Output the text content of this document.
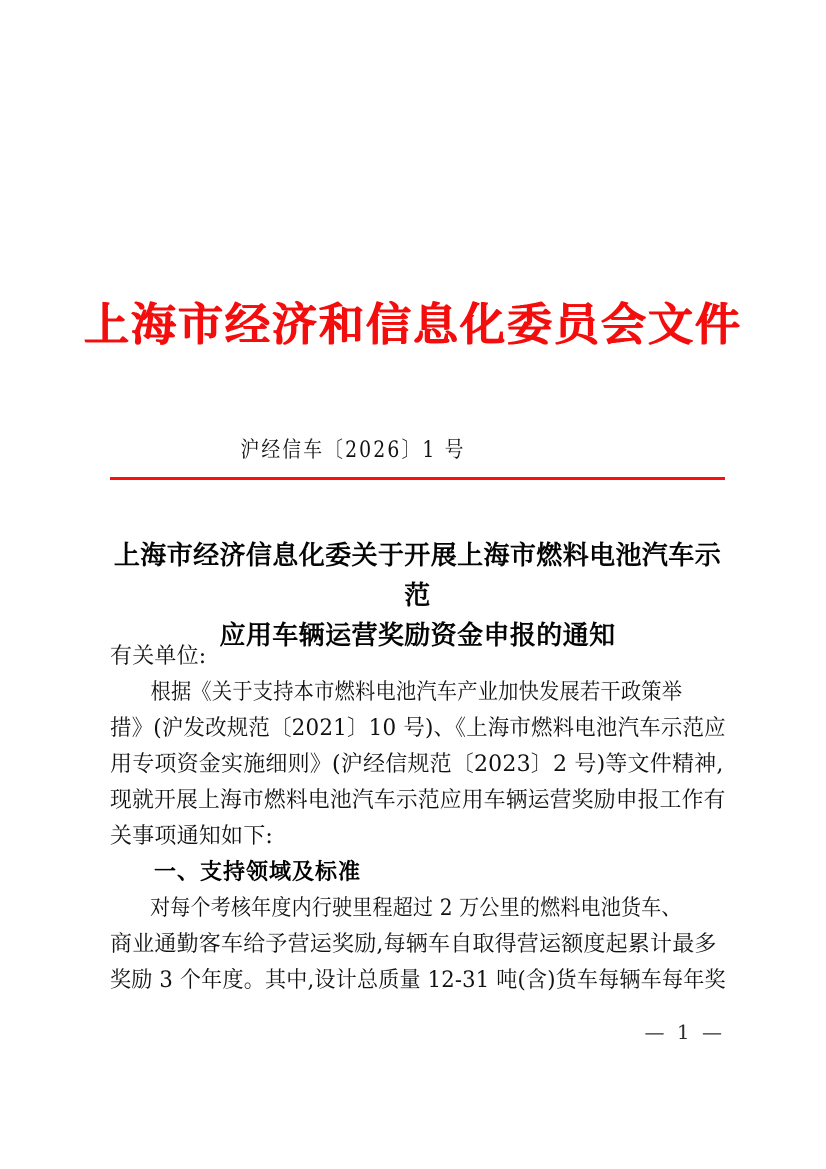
上海市经济和信息化委员会文件
沪经信车〔2026〕1 号
上海市经济信息化委关于开展上海市燃料电池汽车示范
应用车辆运营奖励资金申报的通知
有关单位:
根据《关于支持本市燃料电池汽车产业加快发展若干政策举
措》(沪发改规范〔2021〕10 号)、《上海市燃料电池汽车示范应
用专项资金实施细则》(沪经信规范〔2023〕2 号)等文件精神,
现就开展上海市燃料电池汽车示范应用车辆运营奖励申报工作有
关事项通知如下:
一、支持领域及标准
对每个考核年度内行驶里程超过 2 万公里的燃料电池货车、
商业通勤客车给予营运奖励,每辆车自取得营运额度起累计最多
奖励 3 个年度。其中,设计总质量 12-31 吨(含)货车每辆车每年奖
— 1 —
